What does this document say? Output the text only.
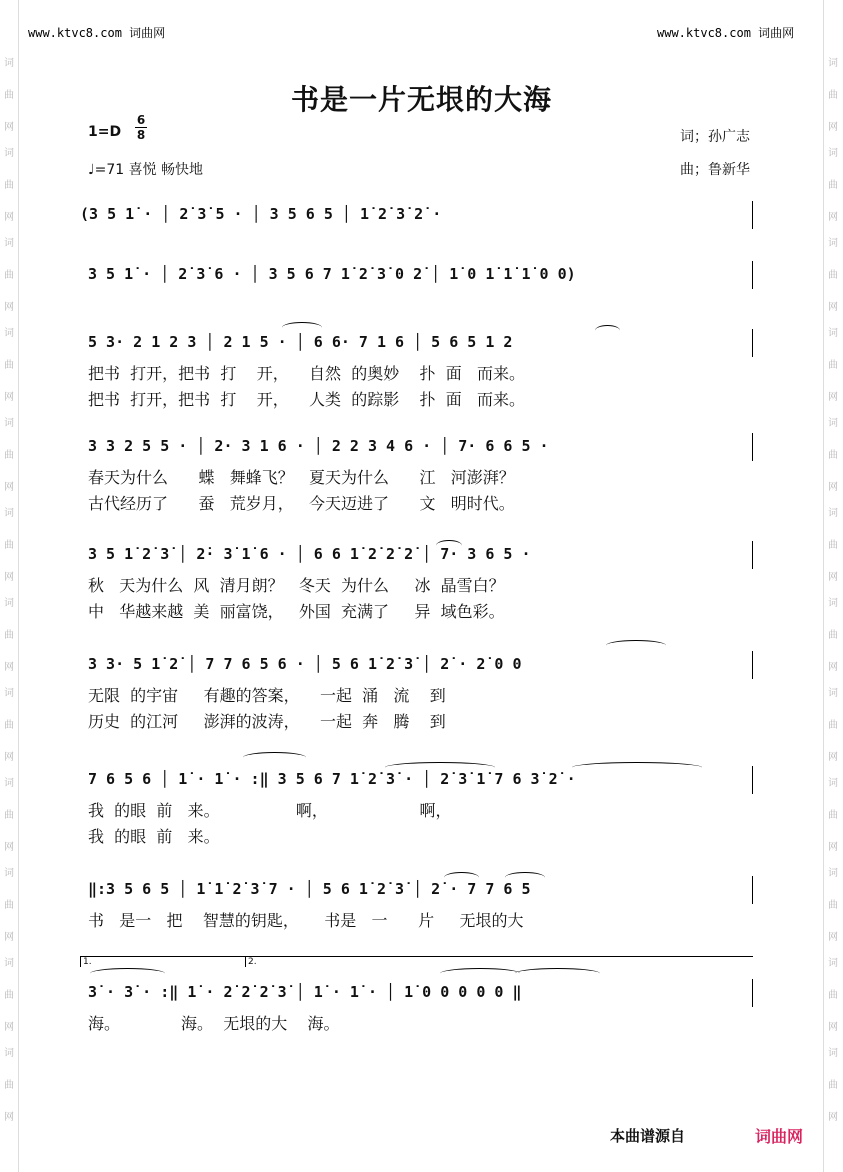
词
曲
网
词
曲
网
词
曲
网
词
曲
网
词
曲
网
词
曲
网
词
曲
网
词
曲
网
词
曲
网
词
曲
网
词
曲
网
词
曲
网
词
曲
网
词
曲
网
词
曲
网
词
曲
网
词
曲
网
词
曲
网
词
曲
网
词
曲
网
词
曲
网
词
曲
网
词
曲
网
词
曲
网
www.ktvc8.com 词曲网	www.ktvc8.com 词曲网
书是一片无垠的大海
1=D
6
8
♩=71 喜悦 畅快地
词；孙广志
曲；鲁新华
(3 5 1̇ · │ 2̇ 3̇ 5 · │ 3 5 6 5 │ 1̇ 2̇ 3̇ 2̇ ·
3 5 1̇ · │ 2̇ 3̇ 6 · │ 3 5 6 7 1̇ 2̇ 3̇ 0 2̇ │ 1̇ 0 1̇ 1̇ 1̇ 0 0)
5 3· 2 1 2 3 │ 2 1 5 · │ 6 6· 7 1 6 │ 5 6 5 1 2
把书  打开，把书  打    开，    自然  的奥妙    扑  面   而来。
把书  打开，把书  打    开，    人类  的踪影    扑  面   而来。
3 3 2 5 5 · │ 2· 3 1 6 · │ 2 2 3 4 6 · │ 7· 6 6 5 ·
春天为什么      蝶   舞蜂飞？   夏天为什么      江   河澎湃？
古代经历了      蚕   荒岁月，   今天迈进了      文   明时代。
3 5 1̇ 2̇ 3̇ │ 2̇· 3̇ 1̇ 6 · │ 6 6 1̇ 2̇ 2̇ 2̇ │ 7· 3 6 5 ·
秋   天为什么  风  清月朗？   冬天  为什么     冰  晶雪白？
中   华越来越  美  丽富饶，   外国  充满了     异  域色彩。
3 3· 5 1̇ 2̇ │ 7 7 6 5 6 · │ 5 6 1̇ 2̇ 3̇ │ 2̇ · 2̇ 0 0
无限  的宇宙     有趣的答案，    一起  涌   流    到
历史  的江河     澎湃的波涛，    一起  奔   腾    到
7 6 5 6 │ 1̇ · 1̇ · :‖ 3 5 6 7 1̇ 2̇ 3̇ · │ 2̇ 3̇ 1̇ 7 6 3̇ 2̇ ·
我  的眼  前   来。               啊，                  啊，
我  的眼  前   来。
‖:3 5 6 5 │ 1̇ 1̇ 2̇ 3̇ 7 · │ 5 6 1̇ 2̇ 3̇ │ 2̇ · 7 7 6 5
书   是一   把    智慧的钥匙，     书是   一      片     无垠的大
3̇ · 3̇ · :‖ 1̇ · 2̇ 2̇ 2̇ 3̇ │ 1̇ · 1̇ · │ 1̇ 0 0 0 0 0 ‖
海。            海。  无垠的大    海。
1.	2.
本曲谱源自	词曲网
